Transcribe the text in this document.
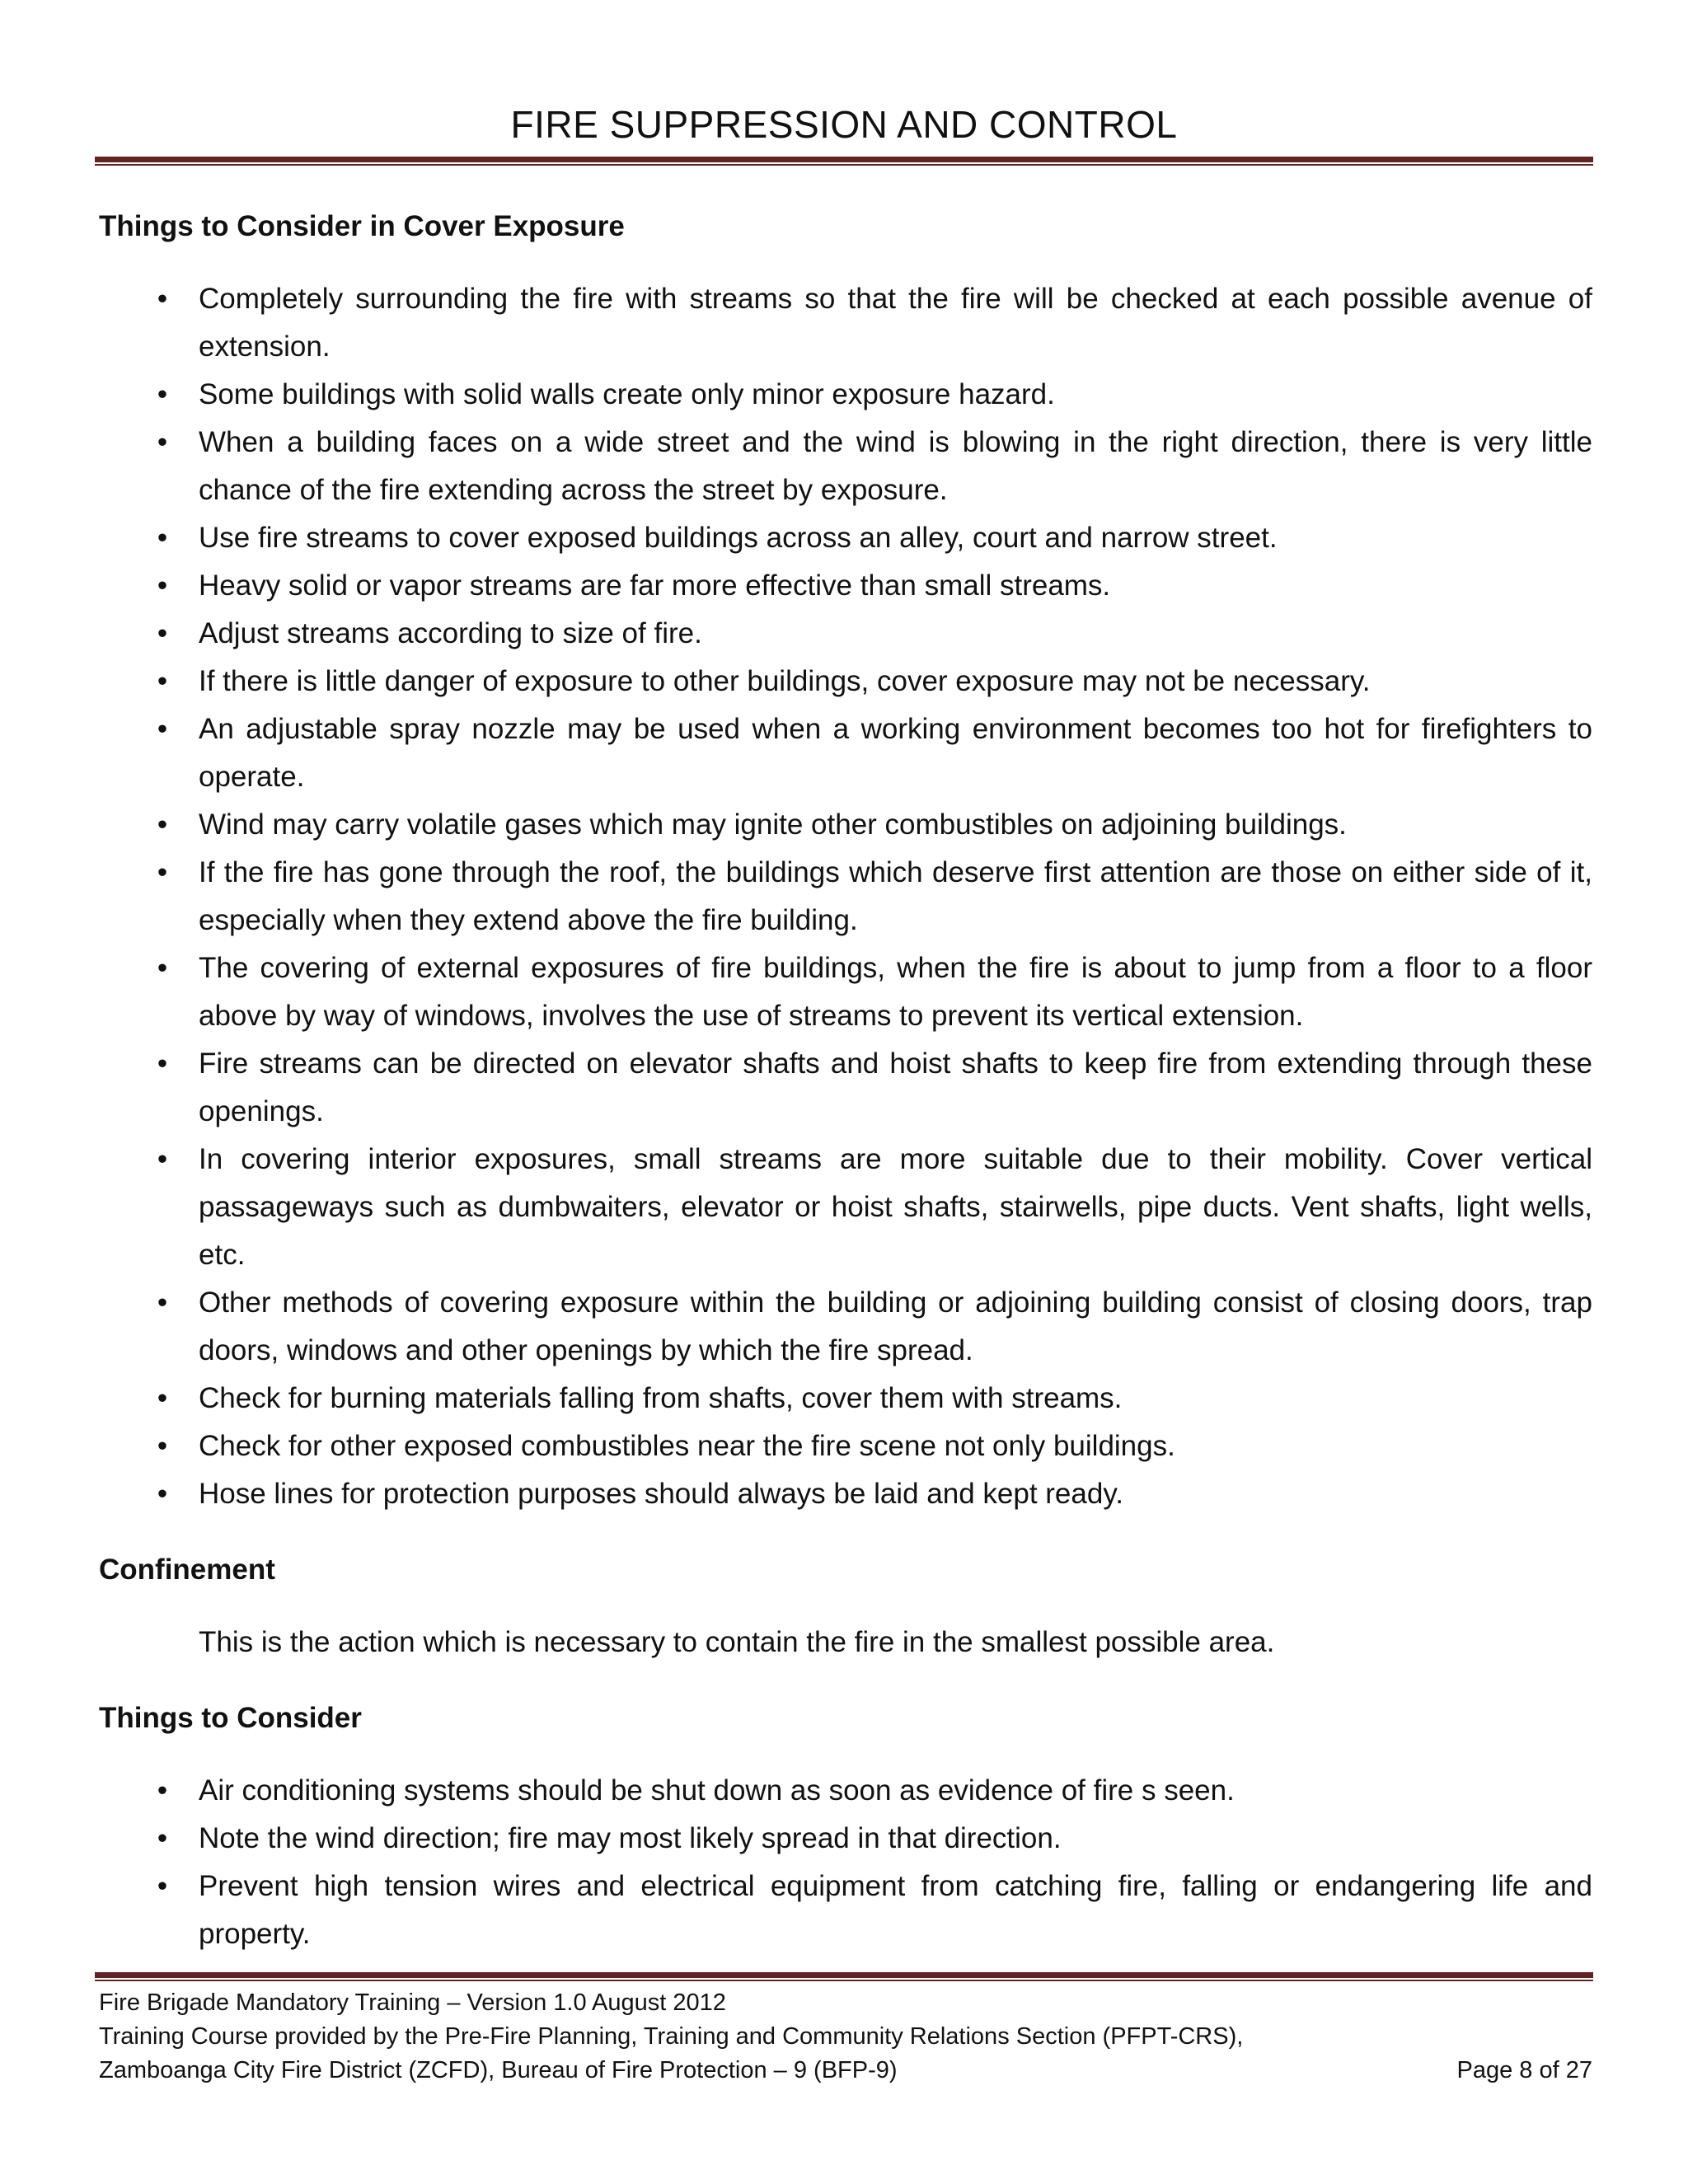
FIRE SUPPRESSION AND CONTROL

Things to Consider in Cover Exposure

• Completely surrounding the fire with streams so that the fire will be checked at each possible avenue of extension.
• Some buildings with solid walls create only minor exposure hazard.
• When a building faces on a wide street and the wind is blowing in the right direction, there is very little chance of the fire extending across the street by exposure.
• Use fire streams to cover exposed buildings across an alley, court and narrow street.
• Heavy solid or vapor streams are far more effective than small streams.
• Adjust streams according to size of fire.
• If there is little danger of exposure to other buildings, cover exposure may not be necessary.
• An adjustable spray nozzle may be used when a working environment becomes too hot for firefighters to operate.
• Wind may carry volatile gases which may ignite other combustibles on adjoining buildings.
• If the fire has gone through the roof, the buildings which deserve first attention are those on either side of it, especially when they extend above the fire building.
• The covering of external exposures of fire buildings, when the fire is about to jump from a floor to a floor above by way of windows, involves the use of streams to prevent its vertical extension.
• Fire streams can be directed on elevator shafts and hoist shafts to keep fire from extending through these openings.
• In covering interior exposures, small streams are more suitable due to their mobility. Cover vertical passageways such as dumbwaiters, elevator or hoist shafts, stairwells, pipe ducts. Vent shafts, light wells, etc.
• Other methods of covering exposure within the building or adjoining building consist of closing doors, trap doors, windows and other openings by which the fire spread.
• Check for burning materials falling from shafts, cover them with streams.
• Check for other exposed combustibles near the fire scene not only buildings.
• Hose lines for protection purposes should always be laid and kept ready.

Confinement

This is the action which is necessary to contain the fire in the smallest possible area.

Things to Consider

• Air conditioning systems should be shut down as soon as evidence of fire s seen.
• Note the wind direction; fire may most likely spread in that direction.
• Prevent high tension wires and electrical equipment from catching fire, falling or endangering life and property.
Fire Brigade Mandatory Training – Version 1.0 August 2012
Training Course provided by the Pre-Fire Planning, Training and Community Relations Section (PFPT-CRS),
Zamboanga City Fire District (ZCFD), Bureau of Fire Protection – 9 (BFP-9)	Page 8 of 27
